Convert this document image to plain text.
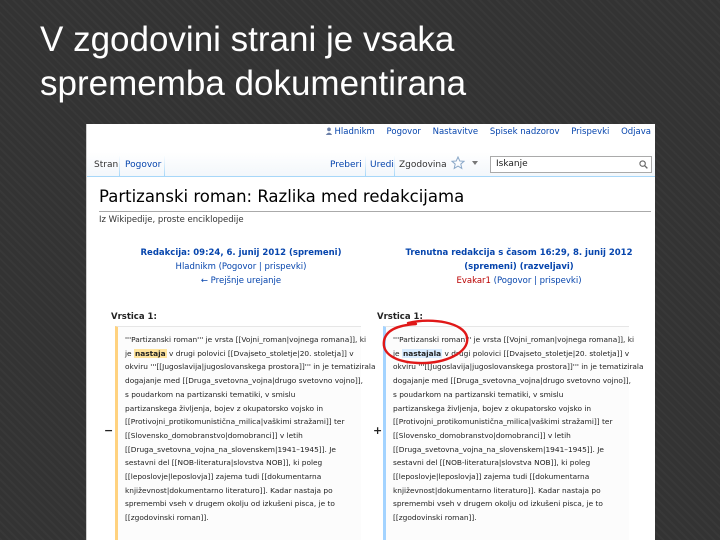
V zgodovini strani je vsaka
sprememba dokumentirana
Hladnikm Pogovor Nastavitve Spisek nadzorov Prispevki Odjava
Stran Pogovor	Preberi Uredi Zgodovina
Iskanje
Partizanski roman: Razlika med redakcijama
Iz Wikipedije, proste enciklopedije
Redakcija: 09:24, 6. junij 2012 (spremeni)
Hladnikm (Pogovor | prispevki)
← Prejšnje urejanje
Trenutna redakcija s časom 16:29, 8. junij 2012
(spremeni) (razveljavi)
Evakar1 (Pogovor | prispevki)
Vrstica 1:	Vrstica 1:
−	+
'''Partizanski roman''' je vrsta [[Vojni_roman|vojnega romana]], ki
je nastaja v drugi polovici [[Dvajseto_stoletje|20. stoletja]] v
okviru '''[[Jugoslavija|jugoslovanskega prostora]]''' in je tematizirala
dogajanje med [[Druga_svetovna_vojna|drugo svetovno vojno]],
s poudarkom na partizanski tematiki, v smislu
partizanskega življenja, bojev z okupatorsko vojsko in
[[Protivojni_protikomunistična_milica|vaškimi stražami]] ter
[[Slovensko_domobranstvo|domobranci]] v letih
[[Druga_svetovna_vojna_na_slovenskem|1941–1945]]. Je
sestavni del [[NOB-literatura|slovstva NOB]], ki poleg
[[leposlovje|leposlovja]] zajema tudi [[dokumentarna
književnost|dokumentarno literaturo]]. Kadar nastaja po
spremembi vseh v drugem okolju od izkušeni pisca, je to
[[zgodovinski roman]].
'''Partizanski roman''' je vrsta [[Vojni_roman|vojnega romana]], ki
je nastajala v drugi polovici [[Dvajseto_stoletje|20. stoletja]] v
okviru '''[[Jugoslavija|jugoslovanskega prostora]]''' in je tematizirala
dogajanje med [[Druga_svetovna_vojna|drugo svetovno vojno]],
s poudarkom na partizanski tematiki, v smislu
partizanskega življenja, bojev z okupatorsko vojsko in
[[Protivojni_protikomunistična_milica|vaškimi stražami]] ter
[[Slovensko_domobranstvo|domobranci]] v letih
[[Druga_svetovna_vojna_na_slovenskem|1941–1945]]. Je
sestavni del [[NOB-literatura|slovstva NOB]], ki poleg
[[leposlovje|leposlovja]] zajema tudi [[dokumentarna
književnost|dokumentarno literaturo]]. Kadar nastaja po
spremembi vseh v drugem okolju od izkušeni pisca, je to
[[zgodovinski roman]].
